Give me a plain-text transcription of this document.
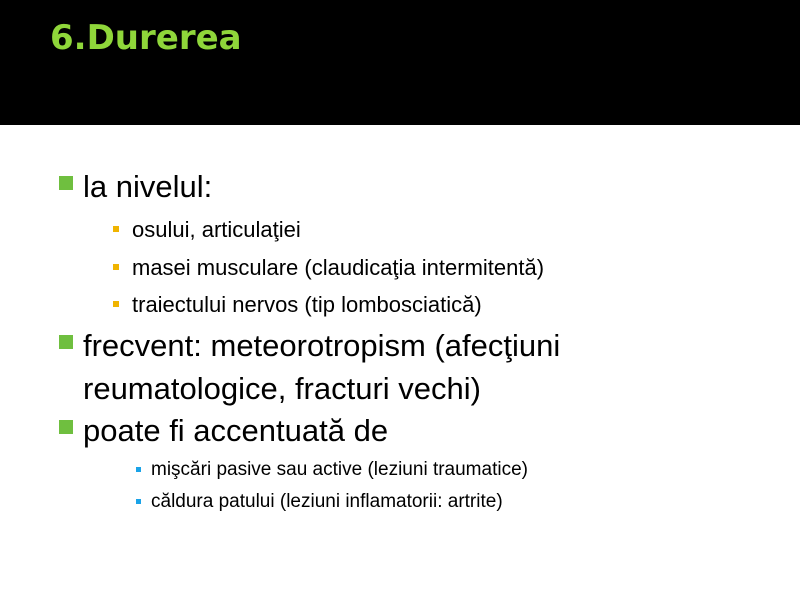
6.Durerea
la nivelul:
osului, articulaţiei
masei musculare (claudicaţia intermitentă)
traiectului nervos (tip lombosciatică)
frecvent: meteorotropism (afecţiuni
reumatologice, fracturi vechi)
poate fi accentuată de
mişcări pasive sau active (leziuni traumatice)
căldura patului (leziuni inflamatorii: artrite)
